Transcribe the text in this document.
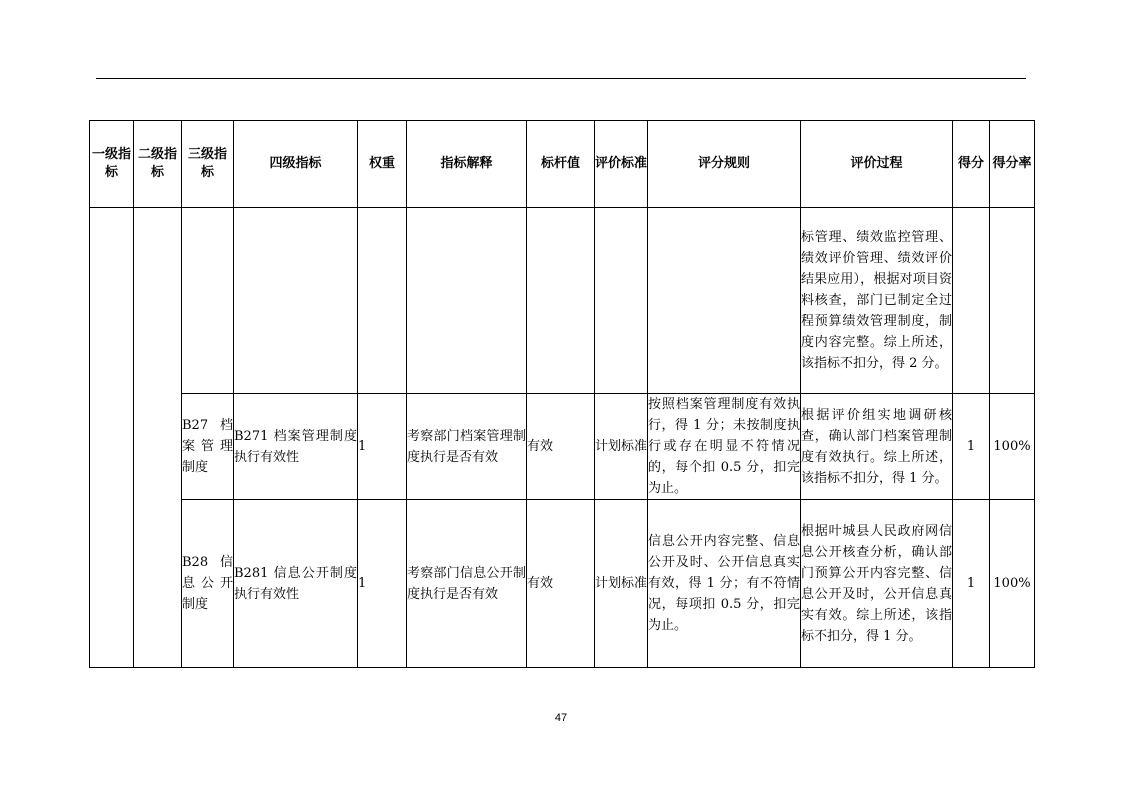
一级指标	二级指标	三级指标	四级指标	权重	指标解释	标杆值	评价标准	评分规则	评价过程	得分	得分率
									标管理、绩效监控管理、绩效评价管理、绩效评价结果应用），根据对项目资料核查，部门已制定全过程预算绩效管理制度，制度内容完整。综上所述，该指标不扣分，得 2 分。		
		B27 档案管理制度	B271 档案管理制度执行有效性	1	考察部门档案管理制度执行是否有效	有效	计划标准	按照档案管理制度有效执行，得 1 分；未按制度执行或存在明显不符情况的，每个扣 0.5 分，扣完为止。	根据评价组实地调研核查，确认部门档案管理制度有效执行。综上所述，该指标不扣分，得 1 分。	1	100%
		B28 信息公开制度	B281 信息公开制度执行有效性	1	考察部门信息公开制度执行是否有效	有效	计划标准	信息公开内容完整、信息公开及时、公开信息真实有效，得 1 分；有不符情况，每项扣 0.5 分，扣完为止。	根据叶城县人民政府网信息公开核查分析，确认部门预算公开内容完整、信息公开及时，公开信息真实有效。综上所述，该指标不扣分，得 1 分。	1	100%
47
